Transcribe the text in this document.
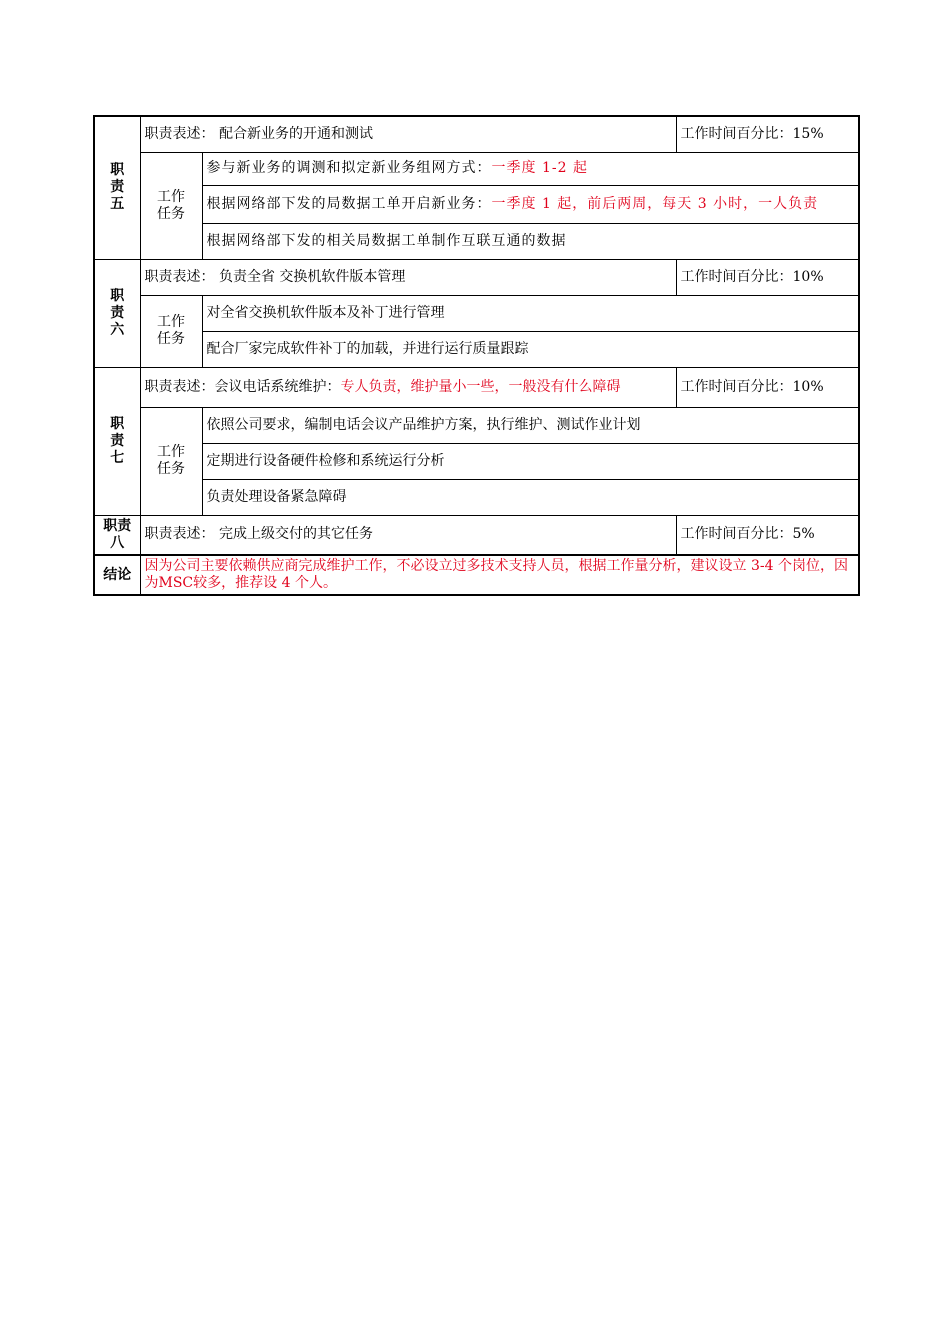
职
责
五	职责表述： 配合新业务的开通和测试		工作时间百分比：15%

	工作
任务	参与新业务的调测和拟定新业务组网方式：一季度 1-2 起	
		根据网络部下发的局数据工单开启新业务：一季度 1 起，前后两周，每天 3 小时，一人负责	
		根据网络部下发的相关局数据工单制作互联互通的数据	

职
责
六	职责表述： 负责全省 交换机软件版本管理		工作时间百分比：10%

	工作
任务	对全省交换机软件版本及补丁进行管理	
		配合厂家完成软件补丁的加载，并进行运行质量跟踪	

职
责
七	职责表述：会议电话系统维护：专人负责，维护量小一些，一般没有什么障碍		工作时间百分比：10%

	工作
任务	依照公司要求，编制电话会议产品维护方案，执行维护、测试作业计划	
		定期进行设备硬件检修和系统运行分析	
		负责处理设备紧急障碍	

职责
八	职责表述： 完成上级交付的其它任务		工作时间百分比：5%
结论	因为公司主要依赖供应商完成维护工作，不必设立过多技术支持人员，根据工作量分析，建议设立 3-4 个岗位，因为MSC较多，推荐设 4 个人。		
